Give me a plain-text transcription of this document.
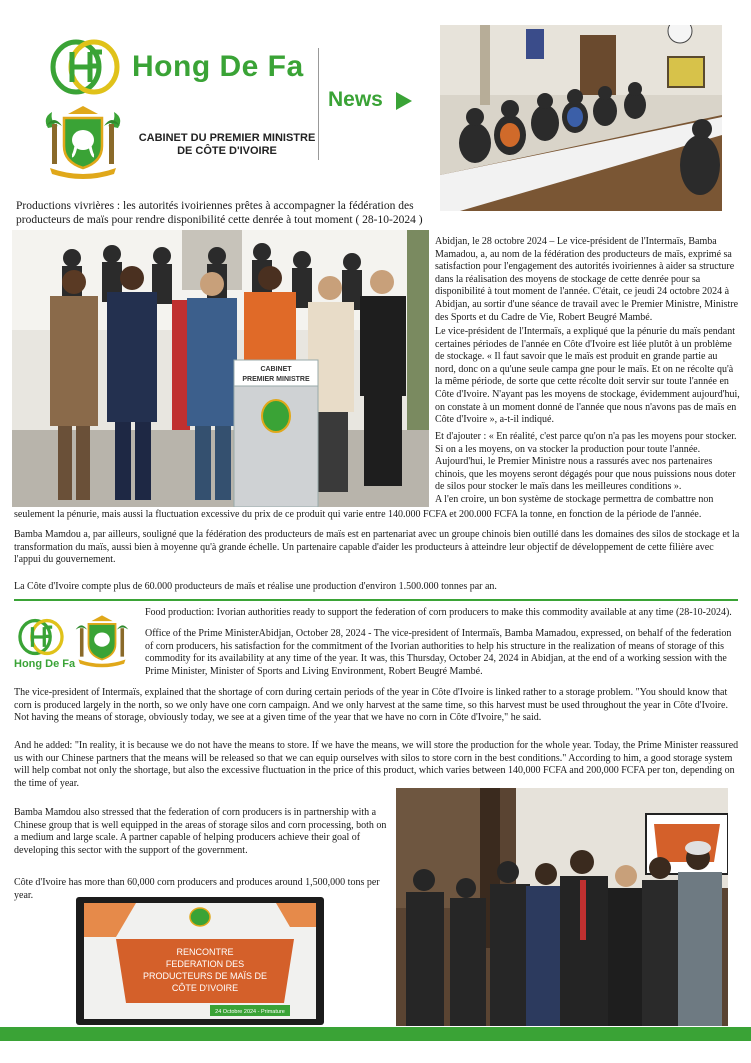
Hong De Fa
News
CABINET DU PREMIER MINISTRE
DE CÔTE D'IVOIRE
Productions vivrières : les autorités ivoiriennes prêtes à accompagner la fédération des producteurs de maïs pour rendre disponibilité cette denrée à tout moment ( 28-10-2024 )
CABINET
PREMIER MINISTRE
Abidjan, le 28 octobre 2024 – Le vice-président de l'Intermaïs, Bamba Mamadou, a, au nom de la fédération des producteurs de maïs, exprimé sa satisfaction pour l'engagement des autorités ivoiriennes à aider sa structure dans la réalisation des moyens de stockage de cette denrée pour sa disponibilité à tout moment de l'année. C'était, ce jeudi 24 octobre 2024 à Abidjan, au sortir d'une séance de travail avec le Premier Ministre, Ministre des Sports et du Cadre de Vie, Robert Beugré Mambé.
Le vice-président de l'Intermaïs, a expliqué que la pénurie du maïs pendant certaines périodes de l'année en Côte d'Ivoire est liée plutôt à un problème de stockage. « Il faut savoir que le maïs est produit en grande partie au nord, donc on a qu'une seule campa gne pour le maïs. Et on ne récolte qu'à la même période, de sorte que cette récolte doit servir sur toute l'année en Côte d'Ivoire. N'ayant pas les moyens de stockage, évidemment aujourd'hui, on constate à un moment donné de l'année que nous n'avons pas de maïs en Côte d'Ivoire », a-t-il indiqué.
Et d'ajouter : « En réalité, c'est parce qu'on n'a pas les moyens pour stocker. Si on a les moyens, on va stocker la production pour toute l'année. Aujourd'hui, le Premier Ministre nous a rassurés avec nos partenaires chinois, que les moyens seront dégagés pour que nous puissions nous doter de silos pour stocker le maïs dans les meilleures conditions ».
A l'en croire, un bon système de stockage permettra de combattre non
seulement la pénurie, mais aussi la fluctuation excessive du prix de ce produit qui varie entre 140.000 FCFA et 200.000 FCFA la tonne, en fonction de la période de l'année.
Bamba Mamdou a, par ailleurs, souligné que la fédération des producteurs de maïs est en partenariat avec un groupe chinois bien outillé dans les domaines des silos de stockage et la transformation du maïs, aussi bien à moyenne qu'à grande échelle. Un partenaire capable d'aider les producteurs à atteindre leur objectif de développement de cette filière avec l'appui du gouvernement.
La Côte d'Ivoire compte plus de 60.000 producteurs de maïs et réalise une production d'environ 1.500.000 tonnes par an.
Hong De Fa
Food production: Ivorian authorities ready to support the federation of corn producers to make this commodity available at any time (28-10-2024).
Office of the Prime MinisterAbidjan, October 28, 2024 - The vice-president of Intermaïs, Bamba Mamadou, expressed, on behalf of the federation of corn producers, his satisfaction for the commitment of the Ivorian authorities to help his structure in the realization of means of storage of this commodity for its availability at any time of the year. It was, this Thursday, October 24, 2024 in Abidjan, at the end of a working session with the Prime Minister, Minister of Sports and Living Environment, Robert Beugré Mambé.
The vice-president of Intermaïs, explained that the shortage of corn during certain periods of the year in Côte d'Ivoire is linked rather to a storage problem. "You should know that corn is produced largely in the north, so we only have one corn campaign. And we only harvest at the same time, so this harvest must be used throughout the year in Côte d'Ivoire. Not having the means of storage, obviously today, we see at a given time of the year that we have no corn in Côte d'Ivoire," he said.
And he added: "In reality, it is because we do not have the means to store. If we have the means, we will store the production for the whole year. Today, the Prime Minister reassured us with our Chinese partners that the means will be released so that we can equip ourselves with silos to store corn in the best conditions." According to him, a good storage system will help combat not only the shortage, but also the excessive fluctuation in the price of this product, which varies between 140,000 FCFA and 200,000 FCFA per ton, depending on the time of year.
Bamba Mamdou also stressed that the federation of corn producers is in partnership with a Chinese group that is well equipped in the areas of storage silos and corn processing, both on a medium and large scale. A partner capable of helping producers achieve their goal of developing this sector with the support of the government.
Côte d'Ivoire has more than 60,000 corn producers and produces around 1,500,000 tons per year.
RENCONTRE
FEDERATION DES
PRODUCTEURS DE MAÏS DE
CÔTE D'IVOIRE
24 Octobre 2024 - Primature
